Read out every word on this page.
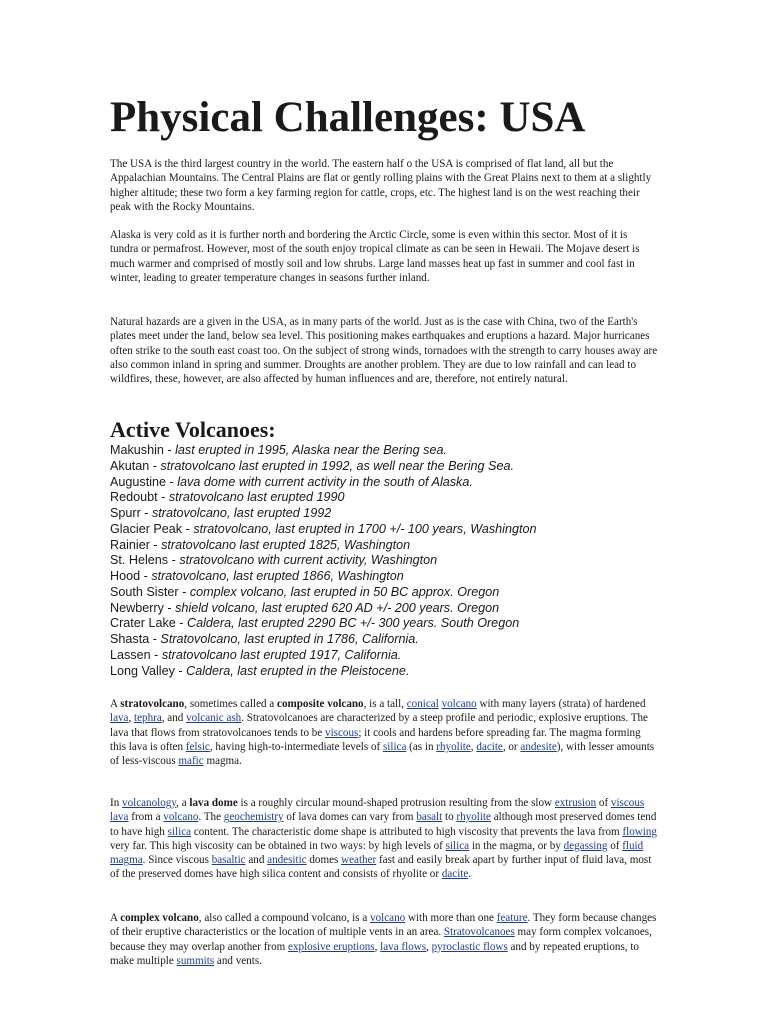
Physical Challenges: USA

The USA is the third largest country in the world. The eastern half o the USA is comprised of flat land, all but the Appalachian Mountains. The Central Plains are flat or gently rolling plains with the Great Plains next to them at a slightly higher altitude; these two form a key farming region for cattle, crops, etc. The highest land is on the west reaching their peak with the Rocky Mountains.

Alaska is very cold as it is further north and bordering the Arctic Circle, some is even within this sector. Most of it is tundra or permafrost. However, most of the south enjoy tropical climate as can be seen in Hewaii. The Mojave desert is much warmer and comprised of mostly soil and low shrubs. Large land masses heat up fast in summer and cool fast in winter, leading to greater temperature changes in seasons further inland.

Natural hazards are a given in the USA, as in many parts of the world. Just as is the case with China, two of the Earth's plates meet under the land, below sea level. This positioning makes earthquakes and eruptions a hazard. Major hurricanes often strike to the south east coast too. On the subject of strong winds, tornadoes with the strength to carry houses away are also common inland in spring and summer. Droughts are another problem. They are due to low rainfall and can lead to wildfires, these, however, are also affected by human influences and are, therefore, not entirely natural.

Active Volcanoes:
Makushin - last erupted in 1995, Alaska near the Bering sea.
Akutan - stratovolcano last erupted in 1992, as well near the Bering Sea.
Augustine - lava dome with current activity in the south of Alaska.
Redoubt - stratovolcano last erupted 1990
Spurr - stratovolcano, last erupted 1992
Glacier Peak - stratovolcano, last erupted in 1700 +/- 100 years, Washington
Rainier - stratovolcano last erupted 1825, Washington
St. Helens - stratovolcano with current activity, Washington
Hood - stratovolcano, last erupted 1866, Washington
South Sister - complex volcano, last erupted in 50 BC approx. Oregon
Newberry - shield volcano, last erupted 620 AD +/- 200 years. Oregon
Crater Lake - Caldera, last erupted 2290 BC +/- 300 years. South Oregon
Shasta - Stratovolcano, last erupted in 1786, California.
Lassen - stratovolcano last erupted 1917, California.
Long Valley - Caldera, last erupted in the Pleistocene.

A stratovolcano, sometimes called a composite volcano, is a tall, conical volcano with many layers (strata) of hardened lava, tephra, and volcanic ash. Stratovolcanoes are characterized by a steep profile and periodic, explosive eruptions. The lava that flows from stratovolcanoes tends to be viscous; it cools and hardens before spreading far. The magma forming this lava is often felsic, having high-to-intermediate levels of silica (as in rhyolite, dacite, or andesite), with lesser amounts of less-viscous mafic magma.

In volcanology, a lava dome is a roughly circular mound-shaped protrusion resulting from the slow extrusion of viscous lava from a volcano. The geochemistry of lava domes can vary from basalt to rhyolite although most preserved domes tend to have high silica content. The characteristic dome shape is attributed to high viscosity that prevents the lava from flowing very far. This high viscosity can be obtained in two ways: by high levels of silica in the magma, or by degassing of fluid magma. Since viscous basaltic and andesitic domes weather fast and easily break apart by further input of fluid lava, most of the preserved domes have high silica content and consists of rhyolite or dacite.

A complex volcano, also called a compound volcano, is a volcano with more than one feature. They form because changes of their eruptive characteristics or the location of multiple vents in an area. Stratovolcanoes may form complex volcanoes, because they may overlap another from explosive eruptions, lava flows, pyroclastic flows and by repeated eruptions, to make multiple summits and vents.
